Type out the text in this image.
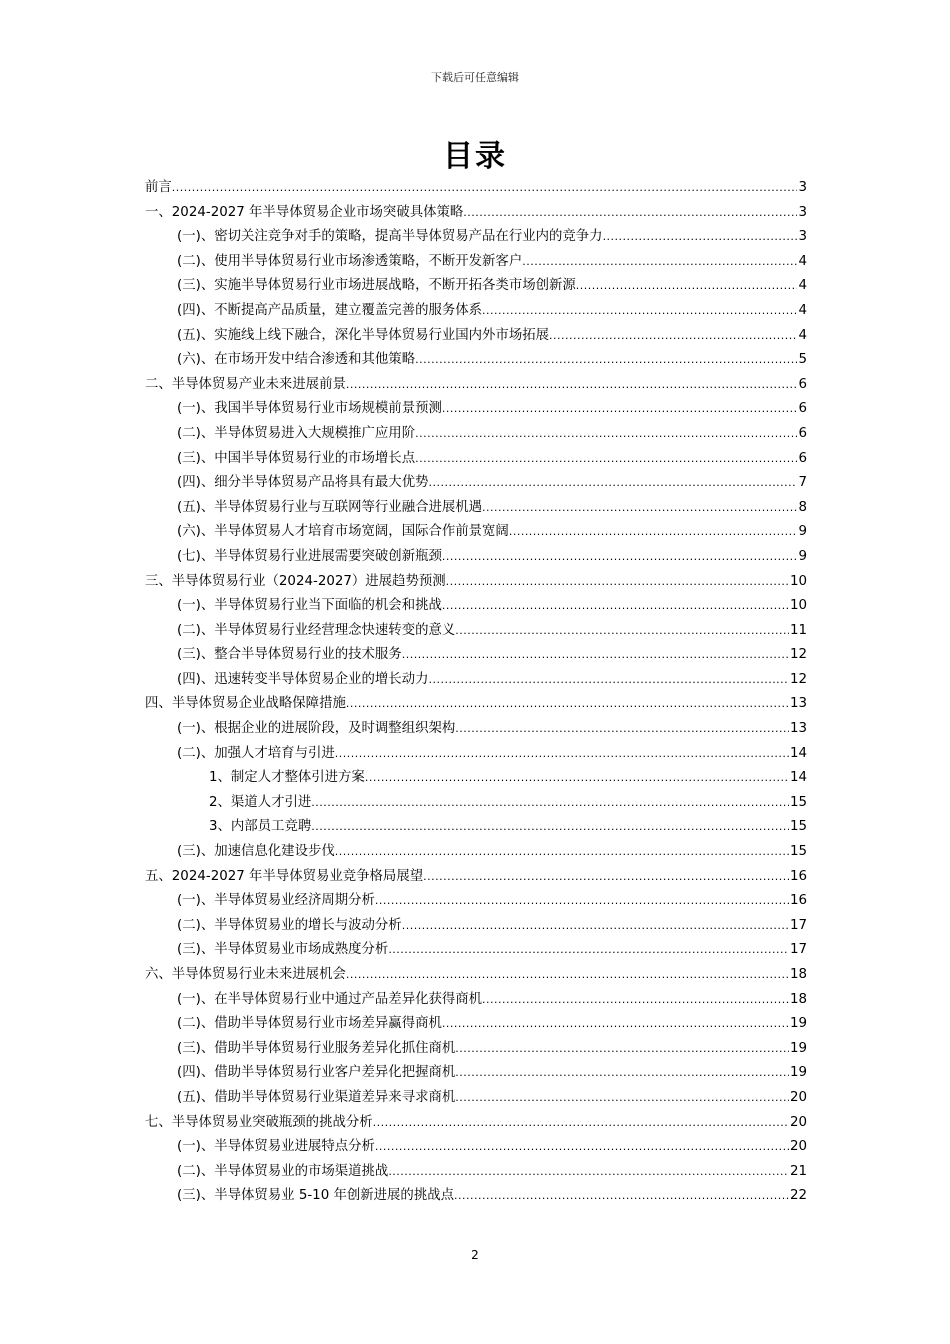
下载后可任意编辑
目录
前言 .....	3
一、2024-2027 年半导体贸易企业市场突破具体策略 .....	3
(一)、密切关注竞争对手的策略，提高半导体贸易产品在行业内的竞争力 .....	3
(二)、使用半导体贸易行业市场渗透策略，不断开发新客户 .....	4
(三)、实施半导体贸易行业市场进展战略，不断开拓各类市场创新源 .....	4
(四)、不断提高产品质量，建立覆盖完善的服务体系 .....	4
(五)、实施线上线下融合，深化半导体贸易行业国内外市场拓展 .....	4
(六)、在市场开发中结合渗透和其他策略 .....	5
二、半导体贸易产业未来进展前景 .....	6
(一)、我国半导体贸易行业市场规模前景预测 .....	6
(二)、半导体贸易进入大规模推广应用阶 .....	6
(三)、中国半导体贸易行业的市场增长点 .....	6
(四)、细分半导体贸易产品将具有最大优势 .....	7
(五)、半导体贸易行业与互联网等行业融合进展机遇 .....	8
(六)、半导体贸易人才培育市场宽阔，国际合作前景宽阔 .....	9
(七)、半导体贸易行业进展需要突破创新瓶颈 .....	9
三、半导体贸易行业（2024-2027）进展趋势预测 .....	10
(一)、半导体贸易行业当下面临的机会和挑战 .....	10
(二)、半导体贸易行业经营理念快速转变的意义 .....	11
(三)、整合半导体贸易行业的技术服务 .....	12
(四)、迅速转变半导体贸易企业的增长动力 .....	12
四、半导体贸易企业战略保障措施 .....	13
(一)、根据企业的进展阶段，及时调整组织架构 .....	13
(二)、加强人才培育与引进 .....	14
1、制定人才整体引进方案 .....	14
2、渠道人才引进 .....	15
3、内部员工竞聘 .....	15
(三)、加速信息化建设步伐 .....	15
五、2024-2027 年半导体贸易业竞争格局展望 .....	16
(一)、半导体贸易业经济周期分析 .....	16
(二)、半导体贸易业的增长与波动分析 .....	17
(三)、半导体贸易业市场成熟度分析 .....	17
六、半导体贸易行业未来进展机会 .....	18
(一)、在半导体贸易行业中通过产品差异化获得商机 .....	18
(二)、借助半导体贸易行业市场差异赢得商机 .....	19
(三)、借助半导体贸易行业服务差异化抓住商机 .....	19
(四)、借助半导体贸易行业客户差异化把握商机 .....	19
(五)、借助半导体贸易行业渠道差异来寻求商机 .....	20
七、半导体贸易业突破瓶颈的挑战分析 .....	20
(一)、半导体贸易业进展特点分析 .....	20
(二)、半导体贸易业的市场渠道挑战 .....	21
(三)、半导体贸易业 5-10 年创新进展的挑战点 .....	22
2
